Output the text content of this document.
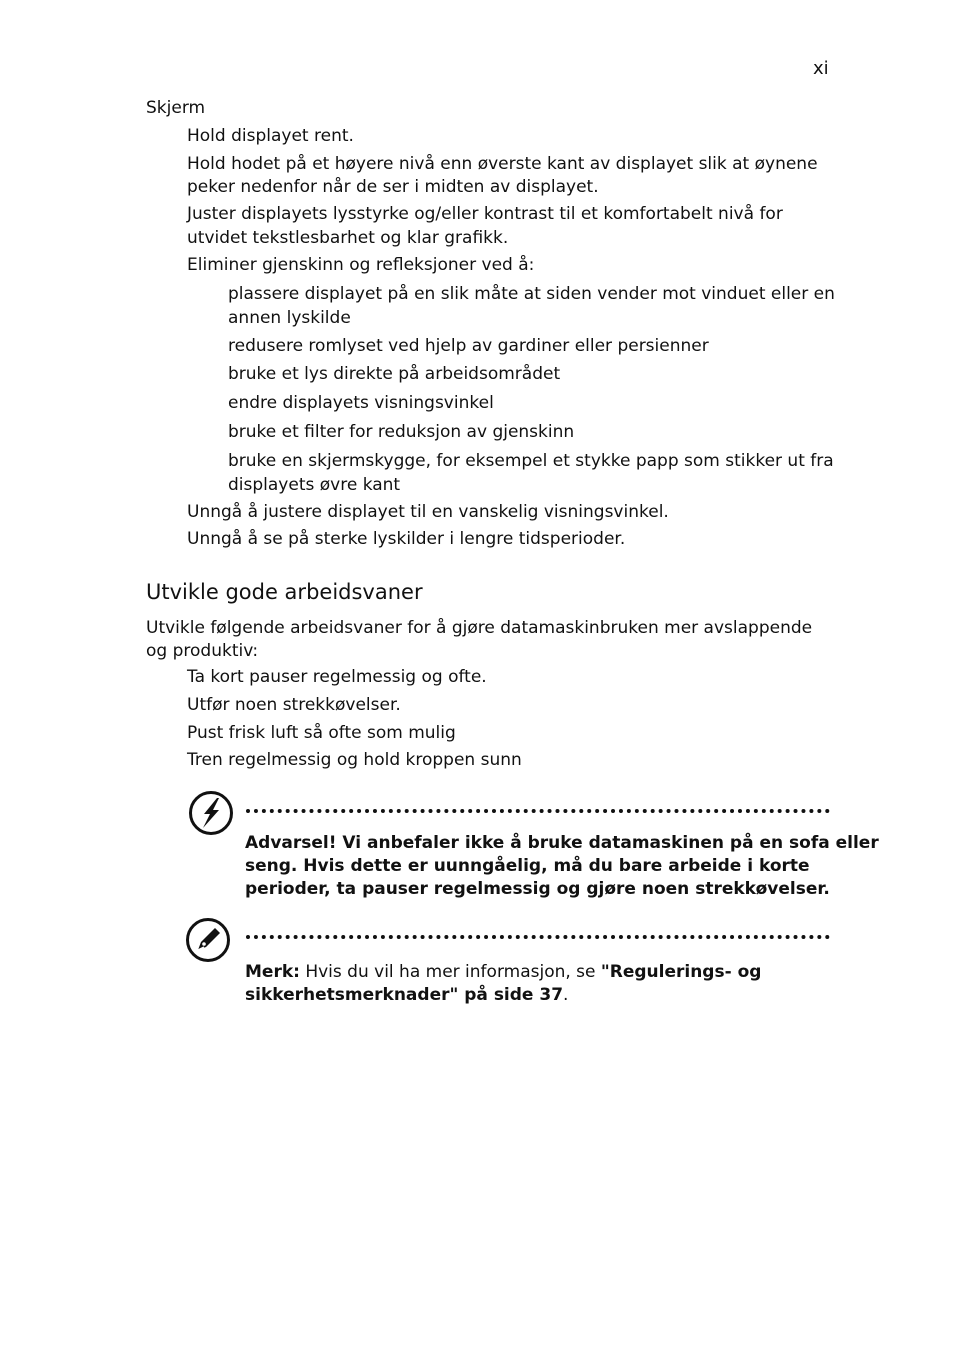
xi
Skjerm
Hold displayet rent.
Hold hodet på et høyere nivå enn øverste kant av displayet slik at øynene
peker nedenfor når de ser i midten av displayet.
Juster displayets lysstyrke og/eller kontrast til et komfortabelt nivå for
utvidet tekstlesbarhet og klar grafikk.
Eliminer gjenskinn og refleksjoner ved å:
plassere displayet på en slik måte at siden vender mot vinduet eller en
annen lyskilde
redusere romlyset ved hjelp av gardiner eller persienner
bruke et lys direkte på arbeidsområdet
endre displayets visningsvinkel
bruke et filter for reduksjon av gjenskinn
bruke en skjermskygge, for eksempel et stykke papp som stikker ut fra
displayets øvre kant
Unngå å justere displayet til en vanskelig visningsvinkel.
Unngå å se på sterke lyskilder i lengre tidsperioder.
Utvikle gode arbeidsvaner
Utvikle følgende arbeidsvaner for å gjøre datamaskinbruken mer avslappende
og produktiv:
Ta kort pauser regelmessig og ofte.
Utfør noen strekkøvelser.
Pust frisk luft så ofte som mulig
Tren regelmessig og hold kroppen sunn
Advarsel! Vi anbefaler ikke å bruke datamaskinen på en sofa eller
seng. Hvis dette er uunngåelig, må du bare arbeide i korte
perioder, ta pauser regelmessig og gjøre noen strekkøvelser.
Merk: Hvis du vil ha mer informasjon, se "Regulerings- og
sikkerhetsmerknader" på side 37.
